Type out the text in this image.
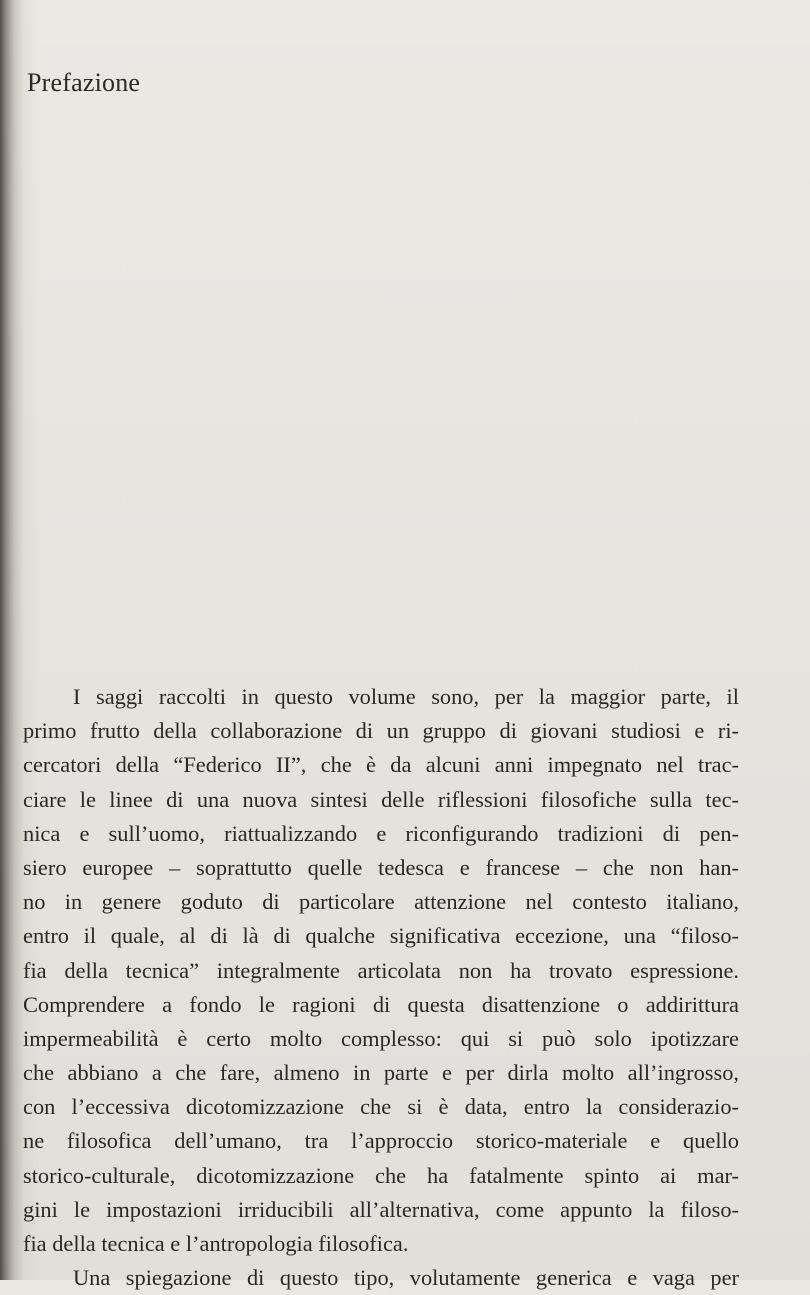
Prefazione
I saggi raccolti in questo volume sono, per la maggior parte, il
primo frutto della collaborazione di un gruppo di giovani studiosi e ri-
cercatori della “Federico II”, che è da alcuni anni impegnato nel trac-
ciare le linee di una nuova sintesi delle riflessioni filosofiche sulla tec-
nica e sull’uomo, riattualizzando e riconfigurando tradizioni di pen-
siero europee – soprattutto quelle tedesca e francese – che non han-
no in genere goduto di particolare attenzione nel contesto italiano,
entro il quale, al di là di qualche significativa eccezione, una “filoso-
fia della tecnica” integralmente articolata non ha trovato espressione.
Comprendere a fondo le ragioni di questa disattenzione o addirittura
impermeabilità è certo molto complesso: qui si può solo ipotizzare
che abbiano a che fare, almeno in parte e per dirla molto all’ingrosso,
con l’eccessiva dicotomizzazione che si è data, entro la considerazio-
ne filosofica dell’umano, tra l’approccio storico-materiale e quello
storico-culturale, dicotomizzazione che ha fatalmente spinto ai mar-
gini le impostazioni irriducibili all’alternativa, come appunto la filoso-
fia della tecnica e l’antropologia filosofica.
Una spiegazione di questo tipo, volutamente generica e vaga per
